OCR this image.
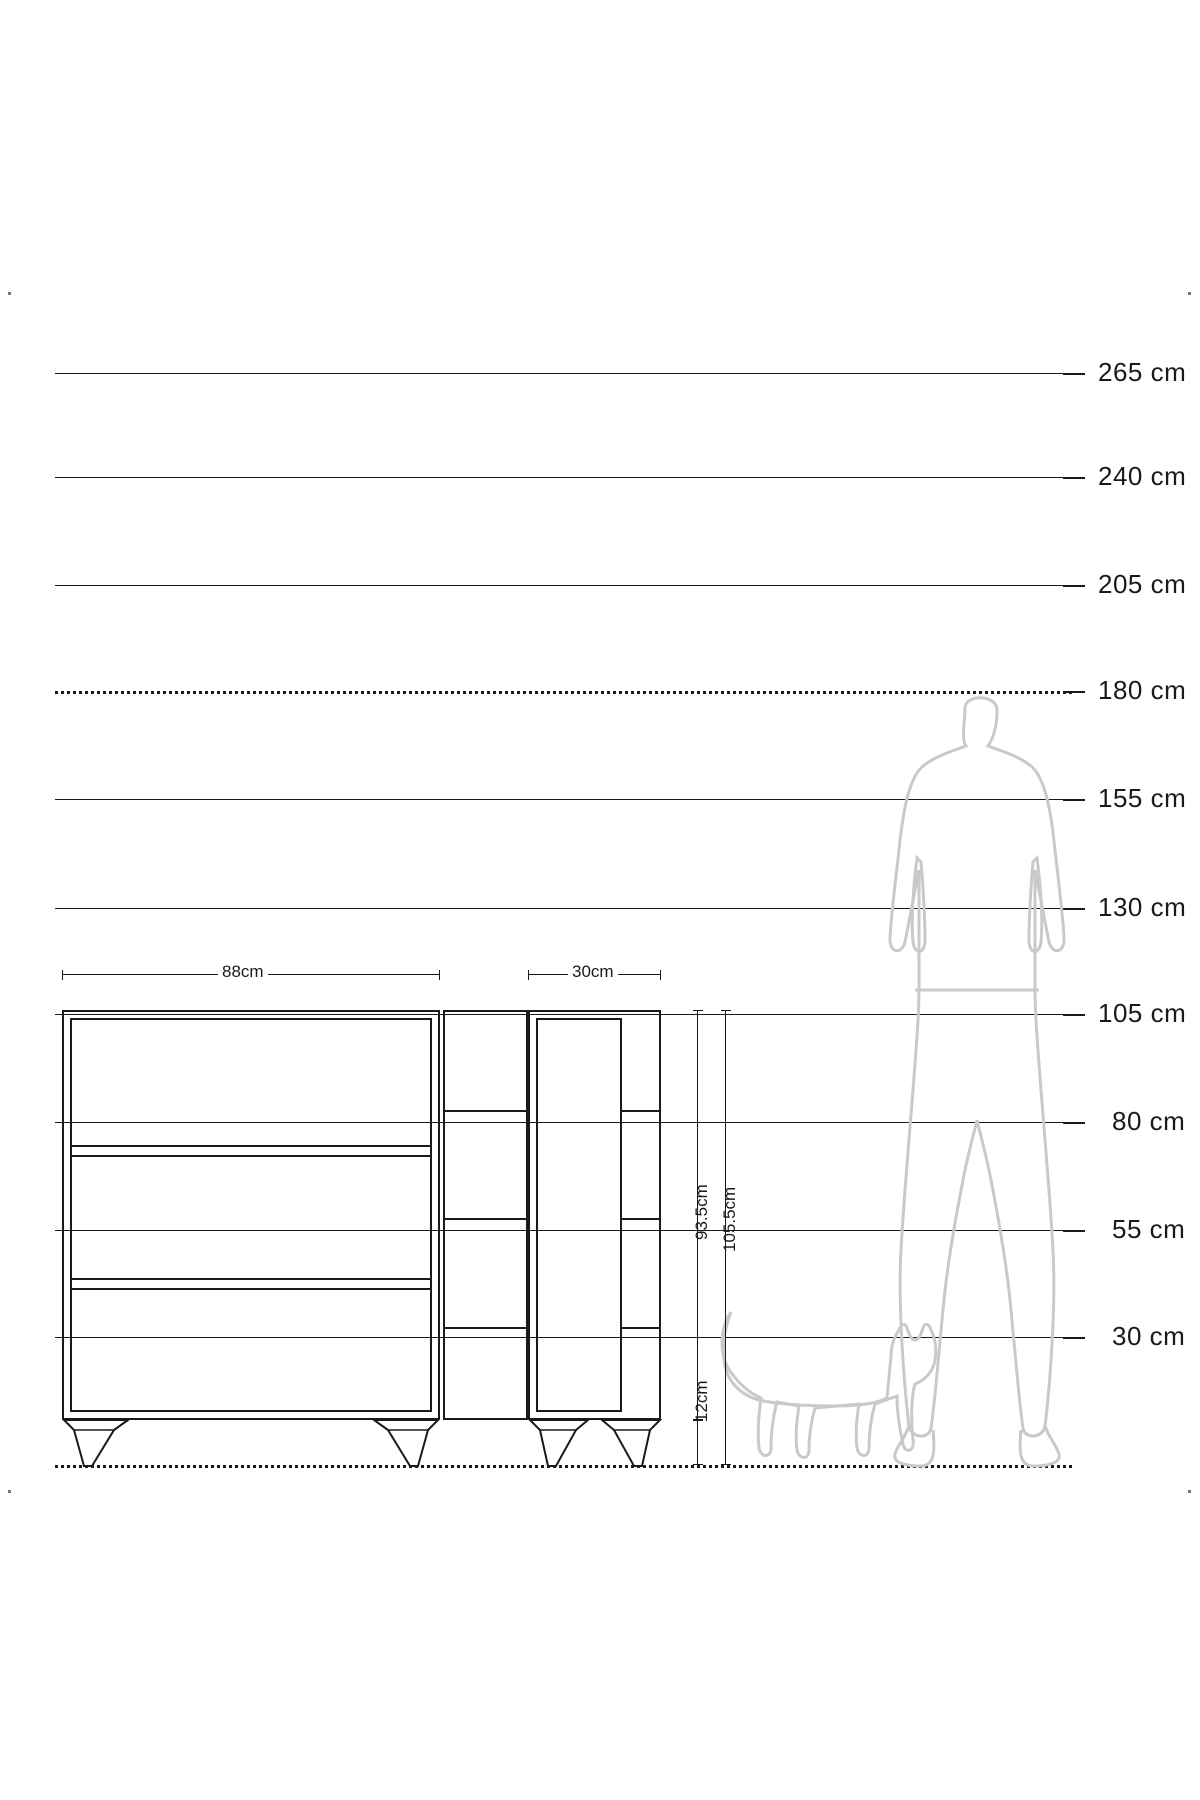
265 cm
240 cm
205 cm
180 cm
155 cm
130 cm
105 cm
80 cm
55 cm
30 cm
88cm	30cm
93.5cm 105.5cm
12cm
